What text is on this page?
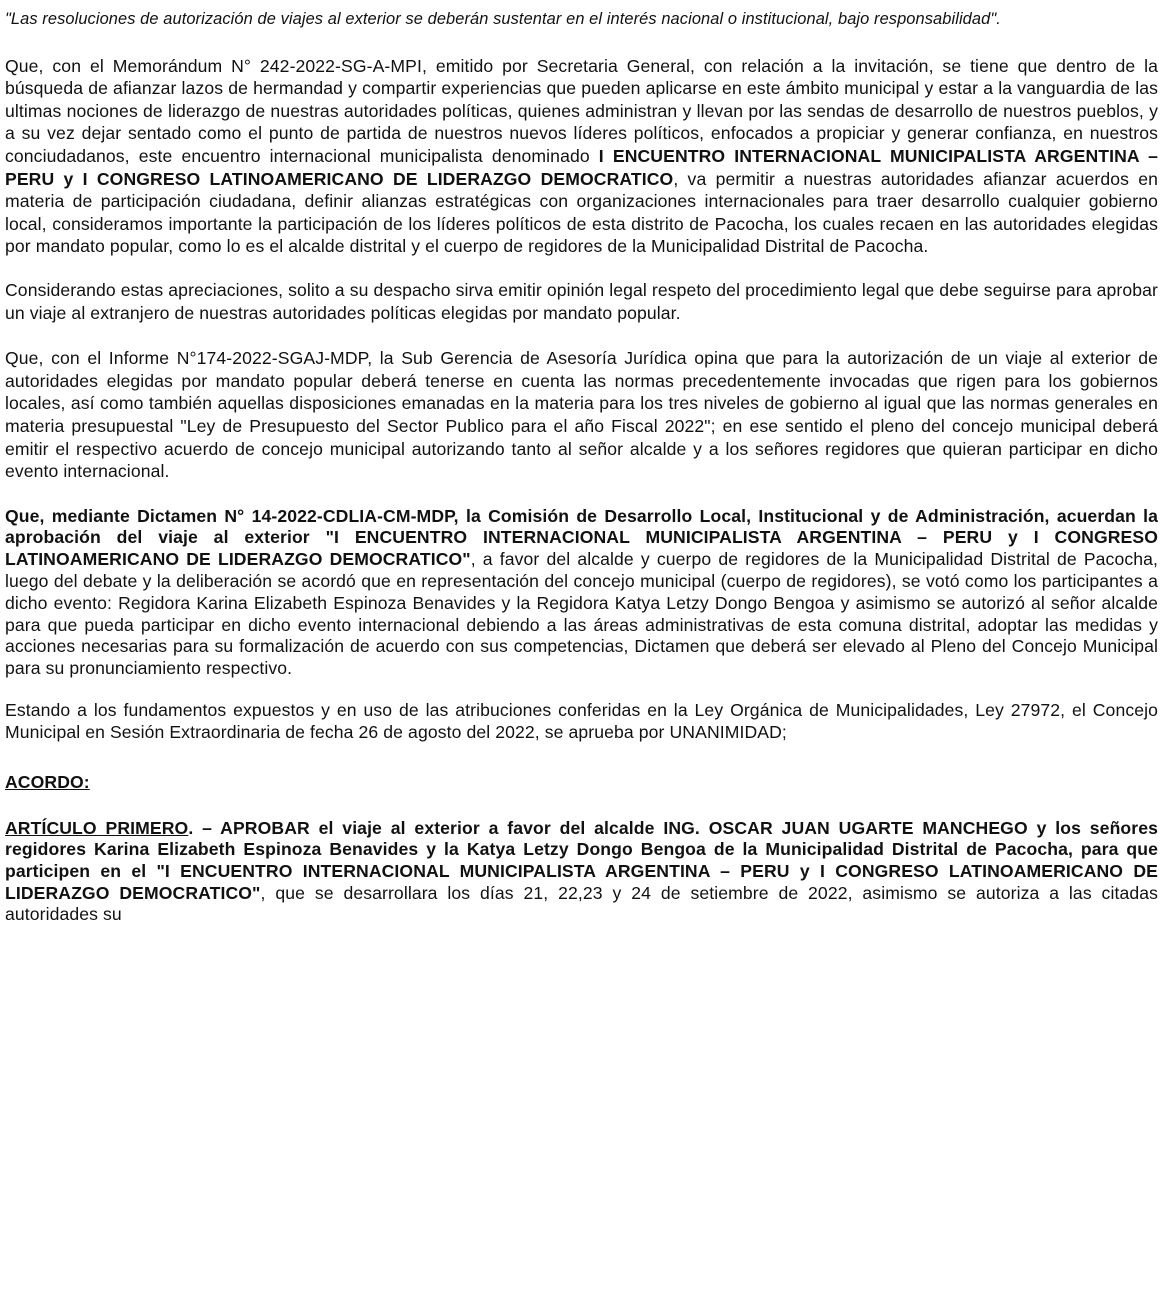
"Las resoluciones de autorización de viajes al exterior se deberán sustentar en el interés nacional o institucional, bajo responsabilidad".

Que, con el Memorándum N° 242-2022-SG-A-MPI, emitido por Secretaria General, con relación a la invitación, se tiene que dentro de la búsqueda de afianzar lazos de hermandad y compartir experiencias que pueden aplicarse en este ámbito municipal y estar a la vanguardia de las ultimas nociones de liderazgo de nuestras autoridades políticas, quienes administran y llevan por las sendas de desarrollo de nuestros pueblos, y a su vez dejar sentado como el punto de partida de nuestros nuevos líderes políticos, enfocados a propiciar y generar confianza, en nuestros conciudadanos, este encuentro internacional municipalista denominado I ENCUENTRO INTERNACIONAL MUNICIPALISTA ARGENTINA – PERU y I CONGRESO LATINOAMERICANO DE LIDERAZGO DEMOCRATICO, va permitir a nuestras autoridades afianzar acuerdos en materia de participación ciudadana, definir alianzas estratégicas con organizaciones internacionales para traer desarrollo cualquier gobierno local, consideramos importante la participación de los líderes políticos de esta distrito de Pacocha, los cuales recaen en las autoridades elegidas por mandato popular, como lo es el alcalde distrital y el cuerpo de regidores de la Municipalidad Distrital de Pacocha.

Considerando estas apreciaciones, solito a su despacho sirva emitir opinión legal respeto del procedimiento legal que debe seguirse para aprobar un viaje al extranjero de nuestras autoridades políticas elegidas por mandato popular.

Que, con el Informe N°174-2022-SGAJ-MDP, la Sub Gerencia de Asesoría Jurídica opina que para la autorización de un viaje al exterior de autoridades elegidas por mandato popular deberá tenerse en cuenta las normas precedentemente invocadas que rigen para los gobiernos locales, así como también aquellas disposiciones emanadas en la materia para los tres niveles de gobierno al igual que las normas generales en materia presupuestal "Ley de Presupuesto del Sector Publico para el año Fiscal 2022"; en ese sentido el pleno del concejo municipal deberá emitir el respectivo acuerdo de concejo municipal autorizando tanto al señor alcalde y a los señores regidores que quieran participar en dicho evento internacional.

Que, mediante Dictamen N° 14-2022-CDLIA-CM-MDP, la Comisión de Desarrollo Local, Institucional y de Administración, acuerdan la aprobación del viaje al exterior "I ENCUENTRO INTERNACIONAL MUNICIPALISTA ARGENTINA – PERU y I CONGRESO LATINOAMERICANO DE LIDERAZGO DEMOCRATICO", a favor del alcalde y cuerpo de regidores de la Municipalidad Distrital de Pacocha, luego del debate y la deliberación se acordó que en representación del concejo municipal (cuerpo de regidores), se votó como los participantes a dicho evento: Regidora Karina Elizabeth Espinoza Benavides y la Regidora Katya Letzy Dongo Bengoa y asimismo se autorizó al señor alcalde para que pueda participar en dicho evento internacional debiendo a las áreas administrativas de esta comuna distrital, adoptar las medidas y acciones necesarias para su formalización de acuerdo con sus competencias, Dictamen que deberá ser elevado al Pleno del Concejo Municipal para su pronunciamiento respectivo.

Estando a los fundamentos expuestos y en uso de las atribuciones conferidas en la Ley Orgánica de Municipalidades, Ley 27972, el Concejo Municipal en Sesión Extraordinaria de fecha 26 de agosto del 2022, se aprueba por UNANIMIDAD;

ACORDO:

ARTÍCULO PRIMERO. – APROBAR el viaje al exterior a favor del alcalde ING. OSCAR JUAN UGARTE MANCHEGO y los señores regidores Karina Elizabeth Espinoza Benavides y la Katya Letzy Dongo Bengoa de la Municipalidad Distrital de Pacocha, para que participen en el "I ENCUENTRO INTERNACIONAL MUNICIPALISTA ARGENTINA – PERU y I CONGRESO LATINOAMERICANO DE LIDERAZGO DEMOCRATICO", que se desarrollara los días 21, 22,23 y 24 de setiembre de 2022, asimismo se autoriza a las citadas autoridades su
